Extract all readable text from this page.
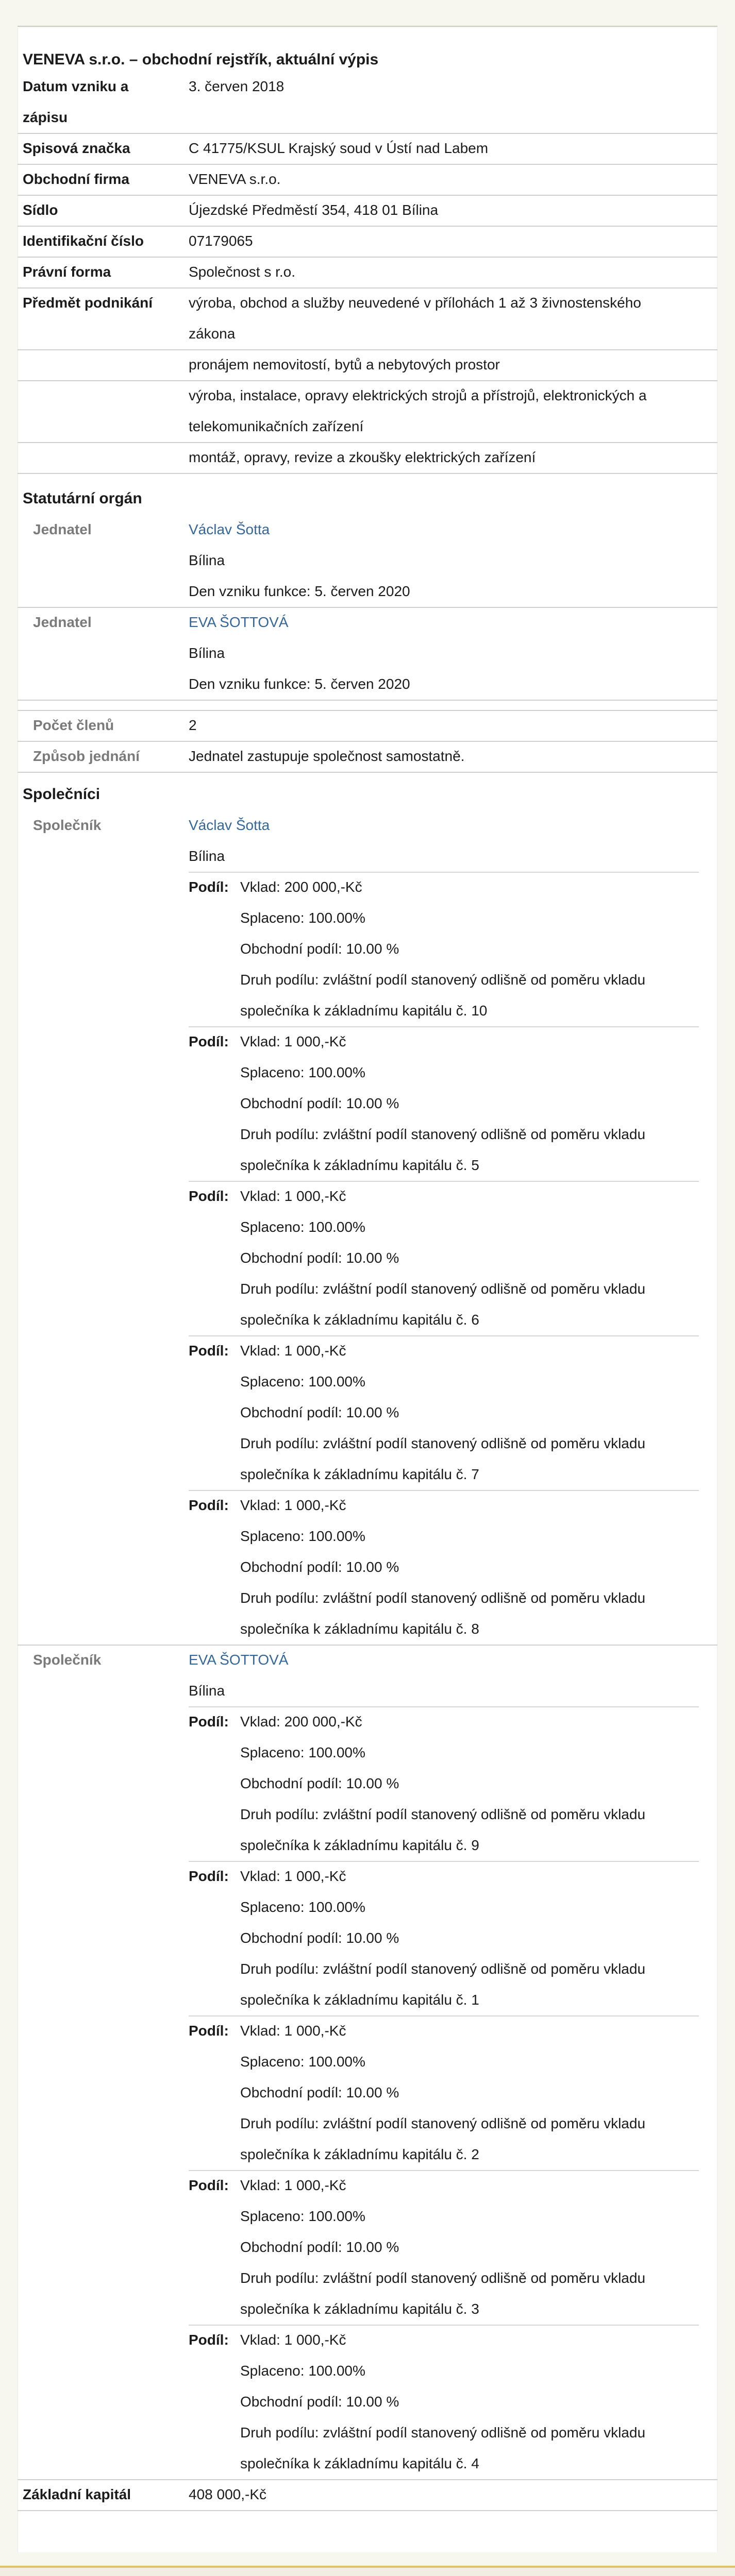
VENEVA s.r.o. – obchodní rejstřík, aktuální výpis
Datum vzniku a	3. červen 2018
zápisu
Spisová značka	C 41775/KSUL Krajský soud v Ústí nad Labem
Obchodní firma	VENEVA s.r.o.
Sídlo	Újezdské Předměstí 354, 418 01 Bílina
Identifikační číslo	07179065
Právní forma	Společnost s r.o.
Předmět podnikání výroba, obchod a služby neuvedené v přílohách 1 až 3 živnostenského
zákona
pronájem nemovitostí, bytů a nebytových prostor
výroba, instalace, opravy elektrických strojů a přístrojů, elektronických a
telekomunikačních zařízení
montáž, opravy, revize a zkoušky elektrických zařízení
Statutární orgán
Jednatel	Václav Šotta
Bílina
Den vzniku funkce: 5. červen 2020
Jednatel	EVA ŠOTTOVÁ
Bílina
Den vzniku funkce: 5. červen 2020
Počet členů	2
Způsob jednání	Jednatel zastupuje společnost samostatně.
Společníci
Společník	Václav Šotta
Bílina
Podíl: Vklad: 200 000,-Kč
Splaceno: 100.00%
Obchodní podíl: 10.00 %
Druh podílu: zvláštní podíl stanovený odlišně od poměru vkladu
společníka k základnímu kapitálu č. 10
Podíl: Vklad: 1 000,-Kč
Splaceno: 100.00%
Obchodní podíl: 10.00 %
Druh podílu: zvláštní podíl stanovený odlišně od poměru vkladu
společníka k základnímu kapitálu č. 5
Podíl: Vklad: 1 000,-Kč
Splaceno: 100.00%
Obchodní podíl: 10.00 %
Druh podílu: zvláštní podíl stanovený odlišně od poměru vkladu
společníka k základnímu kapitálu č. 6
Podíl: Vklad: 1 000,-Kč
Splaceno: 100.00%
Obchodní podíl: 10.00 %
Druh podílu: zvláštní podíl stanovený odlišně od poměru vkladu
společníka k základnímu kapitálu č. 7
Podíl: Vklad: 1 000,-Kč
Splaceno: 100.00%
Obchodní podíl: 10.00 %
Druh podílu: zvláštní podíl stanovený odlišně od poměru vkladu
společníka k základnímu kapitálu č. 8
Společník	EVA ŠOTTOVÁ
Bílina
Podíl: Vklad: 200 000,-Kč
Splaceno: 100.00%
Obchodní podíl: 10.00 %
Druh podílu: zvláštní podíl stanovený odlišně od poměru vkladu
společníka k základnímu kapitálu č. 9
Podíl: Vklad: 1 000,-Kč
Splaceno: 100.00%
Obchodní podíl: 10.00 %
Druh podílu: zvláštní podíl stanovený odlišně od poměru vkladu
společníka k základnímu kapitálu č. 1
Podíl: Vklad: 1 000,-Kč
Splaceno: 100.00%
Obchodní podíl: 10.00 %
Druh podílu: zvláštní podíl stanovený odlišně od poměru vkladu
společníka k základnímu kapitálu č. 2
Podíl: Vklad: 1 000,-Kč
Splaceno: 100.00%
Obchodní podíl: 10.00 %
Druh podílu: zvláštní podíl stanovený odlišně od poměru vkladu
společníka k základnímu kapitálu č. 3
Podíl: Vklad: 1 000,-Kč
Splaceno: 100.00%
Obchodní podíl: 10.00 %
Druh podílu: zvláštní podíl stanovený odlišně od poměru vkladu
společníka k základnímu kapitálu č. 4
Základní kapitál	408 000,-Kč
